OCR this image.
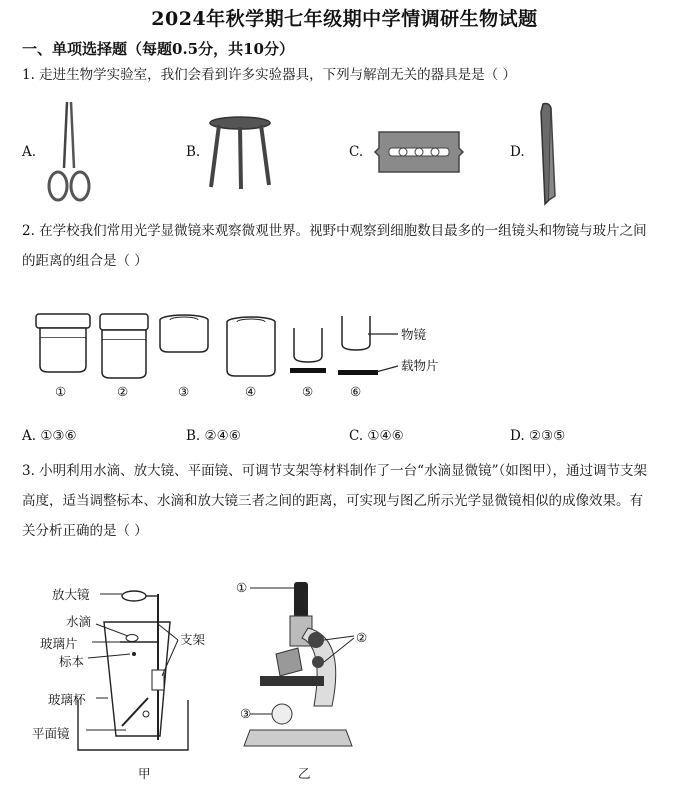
2024年秋学期七年级期中学情调研生物试题
一、单项选择题（每题0.5分，共10分）
1. 走进生物学实验室，我们会看到许多实验器具，下列与解剖无关的器具是是（ ）
A.	B.	C.	D.
2. 在学校我们常用光学显微镜来观察微观世界。视野中观察到细胞数目最多的一组镜头和物镜与玻片之间
的距离的组合是（ ）
物镜
载物片
①	②	③	④	⑤	⑥
A. ①③⑥	B. ②④⑥	C. ①④⑥	D. ②③⑤
3. 小明利用水滴、放大镜、平面镜、可调节支架等材料制作了一台“水滴显微镜”（如图甲），通过调节支架
高度，适当调整标本、水滴和放大镜三者之间的距离，可实现与图乙所示光学显微镜相似的成像效果。有
关分析正确的是（ ）
放大镜
水滴
玻璃片
标本
玻璃杯
平面镜
支架
甲
①
②
③
乙
